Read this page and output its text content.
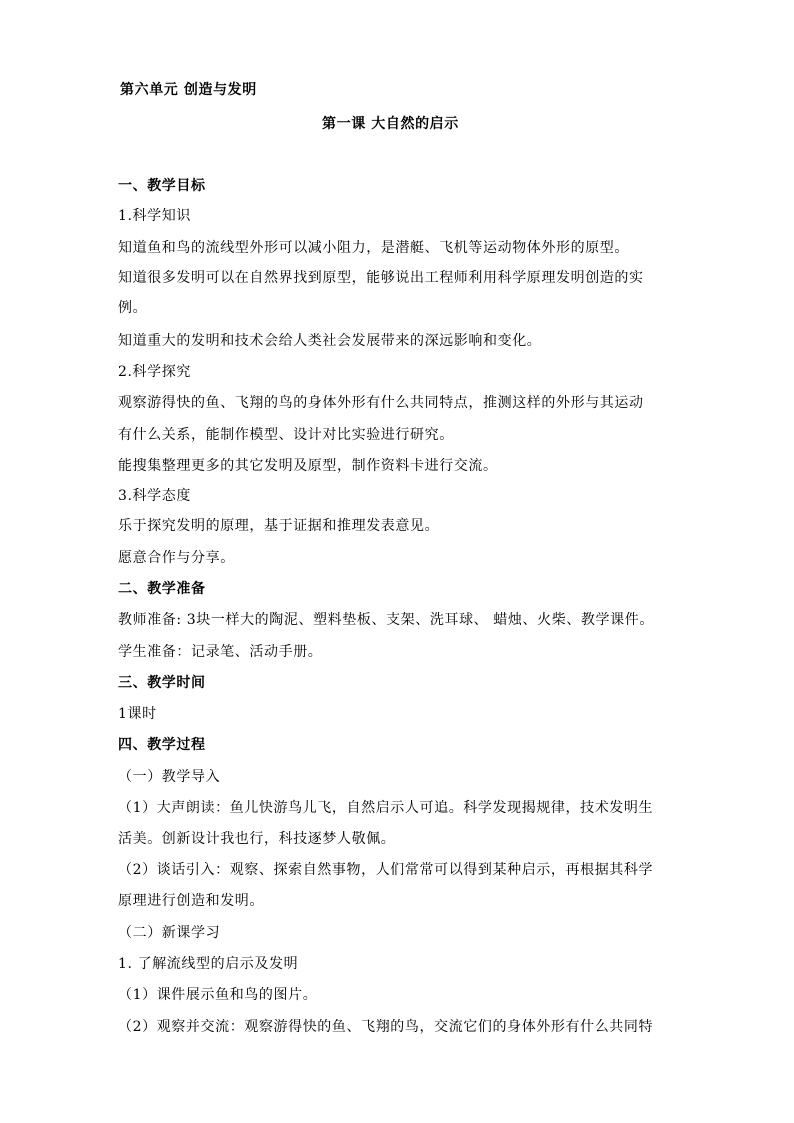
第六单元 创造与发明
第一课 大自然的启示
一、教学目标
1.科学知识
知道鱼和鸟的流线型外形可以减小阻力，是潜艇、飞机等运动物体外形的原型。
知道很多发明可以在自然界找到原型，能够说出工程师利用科学原理发明创造的实
例。
知道重大的发明和技术会给人类社会发展带来的深远影响和变化。
2.科学探究
观察游得快的鱼、飞翔的鸟的身体外形有什么共同特点，推测这样的外形与其运动
有什么关系，能制作模型、设计对比实验进行研究。
能搜集整理更多的其它发明及原型，制作资料卡进行交流。
3.科学态度
乐于探究发明的原理，基于证据和推理发表意见。
愿意合作与分享。
二、教学准备
教师准备: 3块一样大的陶泥、塑料垫板、支架、洗耳球、 蜡烛、火柴、教学课件。
学生准备：记录笔、活动手册。
三、教学时间
1课时
四、教学过程
（一）教学导入
（1）大声朗读：鱼儿快游鸟儿飞，自然启示人可追。科学发现揭规律，技术发明生
活美。创新设计我也行，科技逐梦人敬佩。
（2）谈话引入：观察、探索自然事物，人们常常可以得到某种启示，再根据其科学
原理进行创造和发明。
（二）新课学习
1. 了解流线型的启示及发明
（1）课件展示鱼和鸟的图片。
（2）观察并交流：观察游得快的鱼、飞翔的鸟，交流它们的身体外形有什么共同特
